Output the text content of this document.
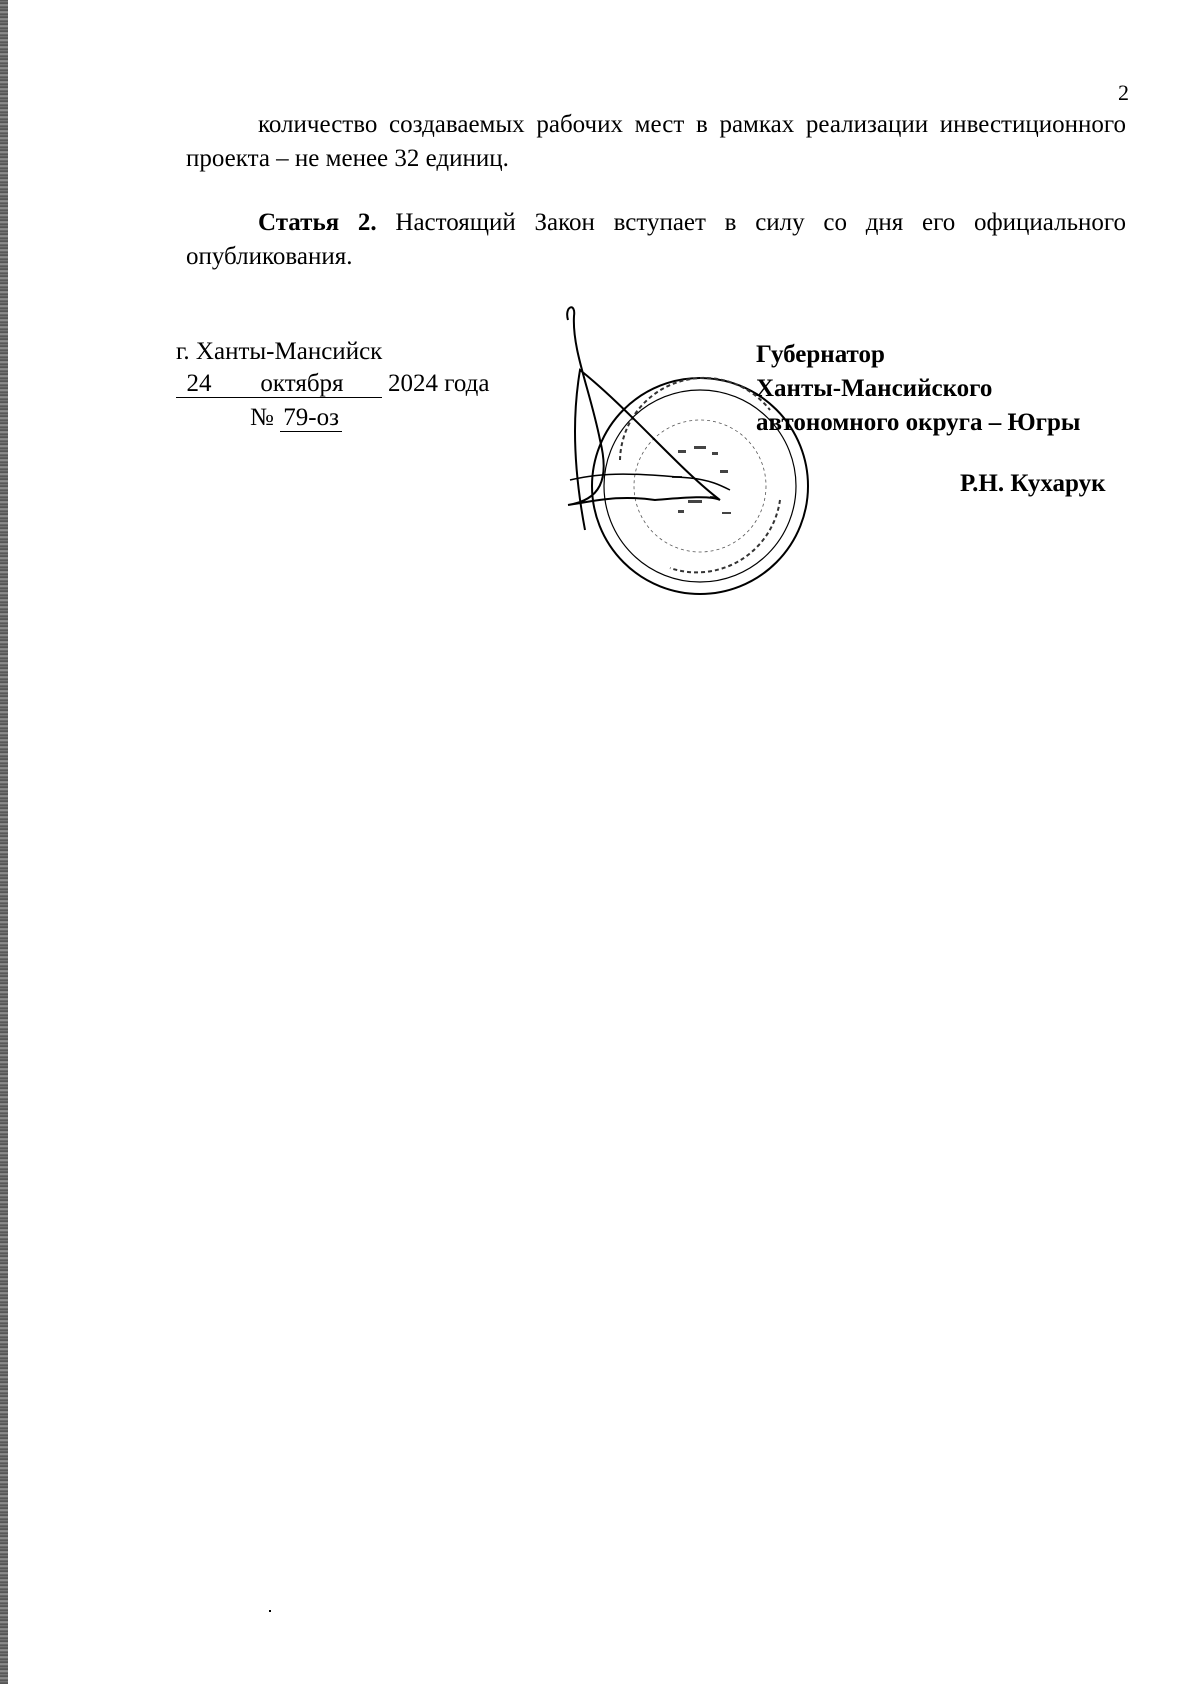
2
количество создаваемых рабочих мест в рамках реализации инвестиционного проекта – не менее 32 единиц.
Статья 2. Настоящий Закон вступает в силу со дня его официального опубликования.
г. Ханты-Мансийск
24 октября 2024 года
№ 79-оз
Губернатор
Ханты-Мансийского
автономного округа – Югры
Р.Н. Кухарук
